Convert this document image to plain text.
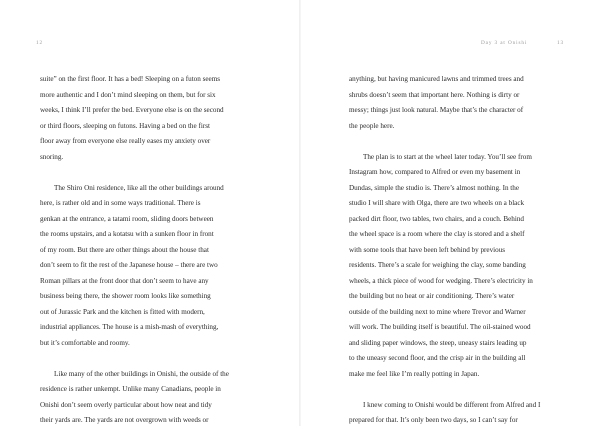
12
suite” on the first floor. It has a bed! Sleeping on a futon seems
more authentic and I don’t mind sleeping on them, but for six
weeks, I think I’ll prefer the bed. Everyone else is on the second
or third floors, sleeping on futons. Having a bed on the first
floor away from everyone else really eases my anxiety over
snoring.
The Shiro Oni residence, like all the other buildings around
here, is rather old and in some ways traditional. There is
genkan at the entrance, a tatami room, sliding doors between
the rooms upstairs, and a kotatsu with a sunken floor in front
of my room. But there are other things about the house that
don’t seem to fit the rest of the Japanese house – there are two
Roman pillars at the front door that don’t seem to have any
business being there, the shower room looks like something
out of Jurassic Park and the kitchen is fitted with modern,
industrial appliances. The house is a mish-mash of everything,
but it’s comfortable and roomy.
Like many of the other buildings in Onishi, the outside of the
residence is rather unkempt. Unlike many Canadians, people in
Onishi don’t seem overly particular about how neat and tidy
their yards are. The yards are not overgrown with weeds or
Day 3 at Onishi	13
anything, but having manicured lawns and trimmed trees and
shrubs doesn’t seem that important here. Nothing is dirty or
messy; things just look natural. Maybe that’s the character of
the people here.
The plan is to start at the wheel later today. You’ll see from
Instagram how, compared to Alfred or even my basement in
Dundas, simple the studio is. There’s almost nothing. In the
studio I will share with Olga, there are two wheels on a black
packed dirt floor, two tables, two chairs, and a couch. Behind
the wheel space is a room where the clay is stored and a shelf
with some tools that have been left behind by previous
residents. There’s a scale for weighing the clay, some banding
wheels, a thick piece of wood for wedging. There’s electricity in
the building but no heat or air conditioning. There’s water
outside of the building next to mine where Trevor and Warner
will work. The building itself is beautiful. The oil-stained wood
and sliding paper windows, the steep, uneasy stairs leading up
to the uneasy second floor, and the crisp air in the building all
make me feel like I’m really potting in Japan.
I knew coming to Onishi would be different from Alfred and I
prepared for that. It’s only been two days, so I can’t say for
